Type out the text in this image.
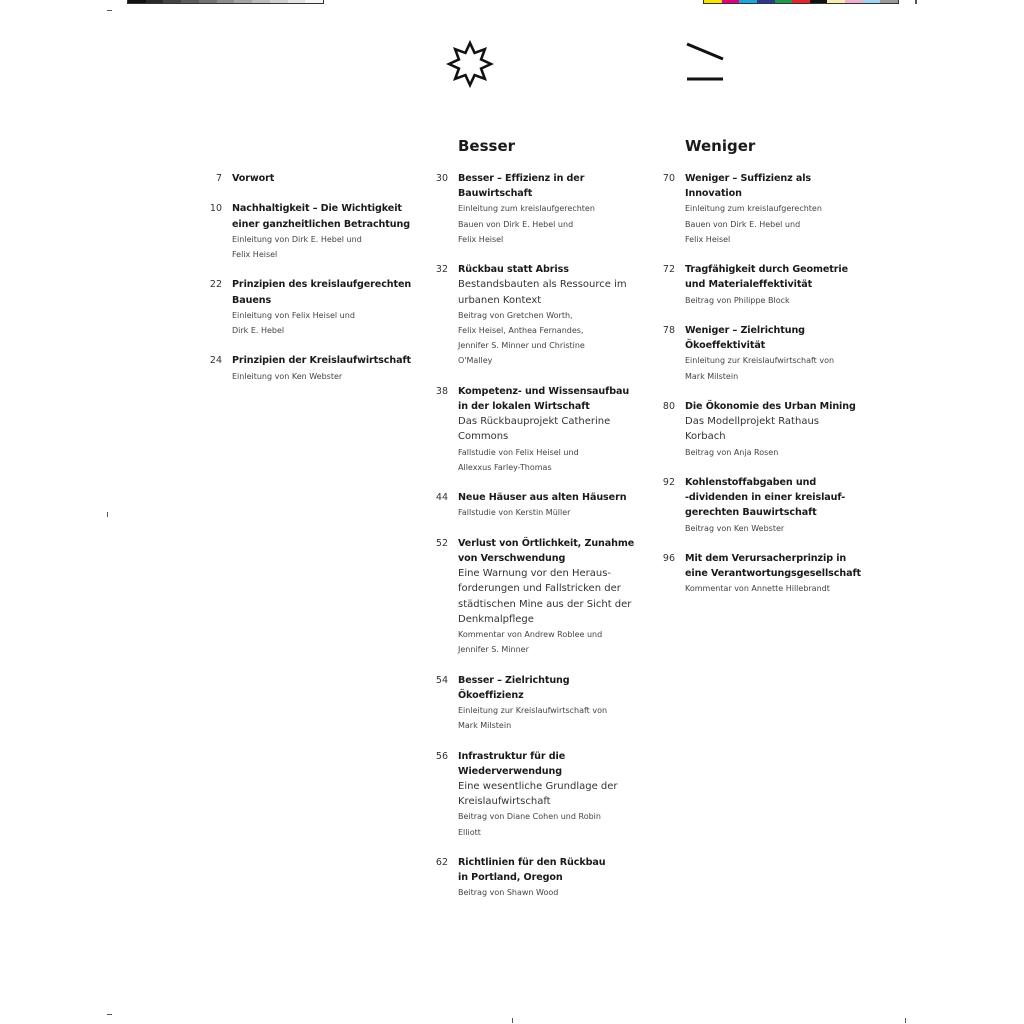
Besser	Weniger
7 Vorwort
10 Nachhaltigkeit – Die Wichtigkeit
einer ganzheitlichen Betrachtung
Einleitung von Dirk E. Hebel und
Felix Heisel
22 Prinzipien des kreislaufgerechten
Bauens
Einleitung von Felix Heisel und
Dirk E. Hebel
24 Prinzipien der Kreislaufwirtschaft
Einleitung von Ken Webster
30 Besser – Effizienz in der
Bauwirtschaft
Einleitung zum kreislaufgerechten
Bauen von Dirk E. Hebel und
Felix Heisel
32 Rückbau statt Abriss
Bestandsbauten als Ressource im
urbanen Kontext
Beitrag von Gretchen Worth,
Felix Heisel, Anthea Fernandes,
Jennifer S. Minner und Christine
O'Malley
38 Kompetenz- und Wissensaufbau
in der lokalen Wirtschaft
Das Rückbauprojekt Catherine
Commons
Fallstudie von Felix Heisel und
Allexxus Farley-Thomas
44 Neue Häuser aus alten Häusern
Fallstudie von Kerstin Müller
52 Verlust von Örtlichkeit, Zunahme
von Verschwendung
Eine Warnung vor den Heraus-
forderungen und Fallstricken der
städtischen Mine aus der Sicht der
Denkmalpflege
Kommentar von Andrew Roblee und
Jennifer S. Minner
54 Besser – Zielrichtung
Ökoeffizienz
Einleitung zur Kreislaufwirtschaft von
Mark Milstein
56 Infrastruktur für die
Wiederverwendung
Eine wesentliche Grundlage der
Kreislaufwirtschaft
Beitrag von Diane Cohen und Robin
Elliott
62 Richtlinien für den Rückbau
in Portland, Oregon
Beitrag von Shawn Wood
70 Weniger – Suffizienz als
Innovation
Einleitung zum kreislaufgerechten
Bauen von Dirk E. Hebel und
Felix Heisel
72 Tragfähigkeit durch Geometrie
und Materialeffektivität
Beitrag von Philippe Block
78 Weniger – Zielrichtung
Ökoeffektivität
Einleitung zur Kreislaufwirtschaft von
Mark Milstein
80 Die Ökonomie des Urban Mining
Das Modellprojekt Rathaus
Korbach
Beitrag von Anja Rosen
92 Kohlenstoffabgaben und
-dividenden in einer kreislauf-
gerechten Bauwirtschaft
Beitrag von Ken Webster
96 Mit dem Verursacherprinzip in
eine Verantwortungsgesellschaft
Kommentar von Annette Hillebrandt
